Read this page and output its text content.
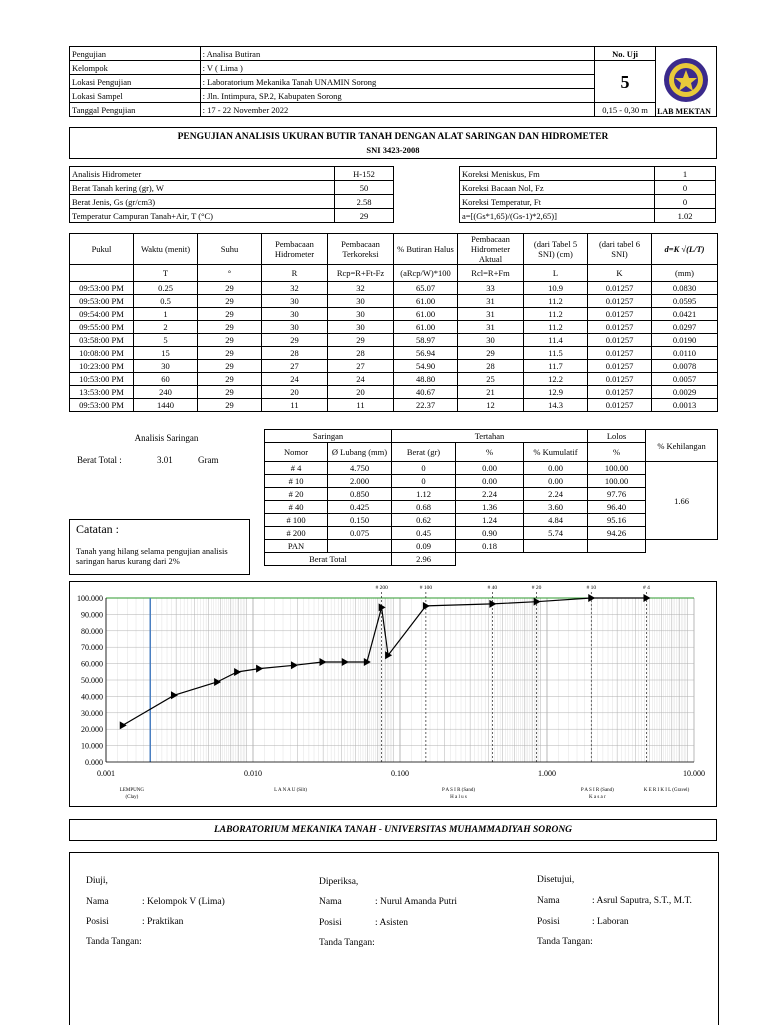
Pengujian	: Analisa Butiran	No. Uji	
Kelompok	: V ( Lima )	5	
Lokasi Pengujian	: Laboratorium Mekanika Tanah UNAMIN Sorong		
Lokasi Sampel	: Jln. Intimpura, SP.2, Kabupaten Sorong		
Tanggal Pengujian	: 17 - 22 November 2022	0,15 - 0,30 m		LAB MEKTAN
PENGUJIAN ANALISIS UKURAN BUTIR TANAH DENGAN ALAT SARINGAN DAN HIDROMETER
SNI 3423-2008
Analisis Hidrometer	H-152
Berat Tanah kering (gr), W	50
Berat Jenis, Gs (gr/cm3)	2.58
Temperatur Campuran Tanah+Air, T (°C)	29
Koreksi Meniskus, Fm	1
Koreksi Bacaan Nol, Fz	0
Koreksi Temperatur, Ft	0
a=[(Gs*1,65)/(Gs-1)*2,65)]	1.02
Pukul	Waktu (menit)	Suhu	Pembacaan Hidrometer	Pembacaan Terkoreksi	% Butiran Halus	Pembacaan Hidrometer Aktual	(dari Tabel 5 SNI) (cm)	(dari tabel 6 SNI)	d=K √(L/T)
	T	°	R	Rcp=R+Ft-Fz	(aRcp/W)*100	Rcl=R+Fm	L	K	(mm)
09:53:00 PM	0.25	29	32	32	65.07	33	10.9	0.01257	0.0830
09:53:00 PM	0.5	29	30	30	61.00	31	11.2	0.01257	0.0595
09:54:00 PM	1	29	30	30	61.00	31	11.2	0.01257	0.0421
09:55:00 PM	2	29	30	30	61.00	31	11.2	0.01257	0.0297
03:58:00 PM	5	29	29	29	58.97	30	11.4	0.01257	0.0190
10:08:00 PM	15	29	28	28	56.94	29	11.5	0.01257	0.0110
10:23:00 PM	30	29	27	27	54.90	28	11.7	0.01257	0.0078
10:53:00 PM	60	29	24	24	48.80	25	12.2	0.01257	0.0057
13:53:00 PM	240	29	20	20	40.67	21	12.9	0.01257	0.0029
09:53:00 PM	1440	29	11	11	22.37	12	14.3	0.01257	0.0013
Analisis Saringan
Berat Total :	3.01	Gram
Catatan :
Tanah yang hilang selama pengujian analisis saringan harus kurang dari 2%
Saringan		Tertahan			Lolos	% Kehilangan
Nomor	Ø Lubang (mm)	Berat (gr)	%	% Kumulatif	%	
# 4	4.750	0	0.00	0.00	100.00	1.66
# 10	2.000	0	0.00	0.00	100.00	
# 20	0.850	1.12	2.24	2.24	97.76	
# 40	0.425	0.68	1.36	3.60	96.40	
# 100	0.150	0.62	1.24	4.84	95.16	
# 200	0.075	0.45	0.90	5.74	94.26	
PAN		0.09	0.18			
Berat Total		2.96				
# 200	# 100	# 40	# 20	# 10	# 4
0.000
10.000
20.000
30.000
40.000
50.000
60.000
70.000
80.000
90.000
100.000
0.001	0.010	0.100	1.000	10.000
LEMPUNG
(Clay)
L A N A U (Silt)	P A S I R (Sand)
H a l u s
P A S I R (Sand)
K a s a r
K E R I K I L (Gravel)
LABORATORIUM MEKANIKA TANAH - UNIVERSITAS MUHAMMADIYAH SORONG
Diuji,
Nama	: Kelompok V (Lima)
Posisi	: Praktikan
Tanda Tangan:
Diperiksa,
Nama	: Nurul Amanda Putri
Posisi	: Asisten
Tanda Tangan:
Disetujui,
Nama	: Asrul Saputra, S.T., M.T.
Posisi	: Laboran
Tanda Tangan:
